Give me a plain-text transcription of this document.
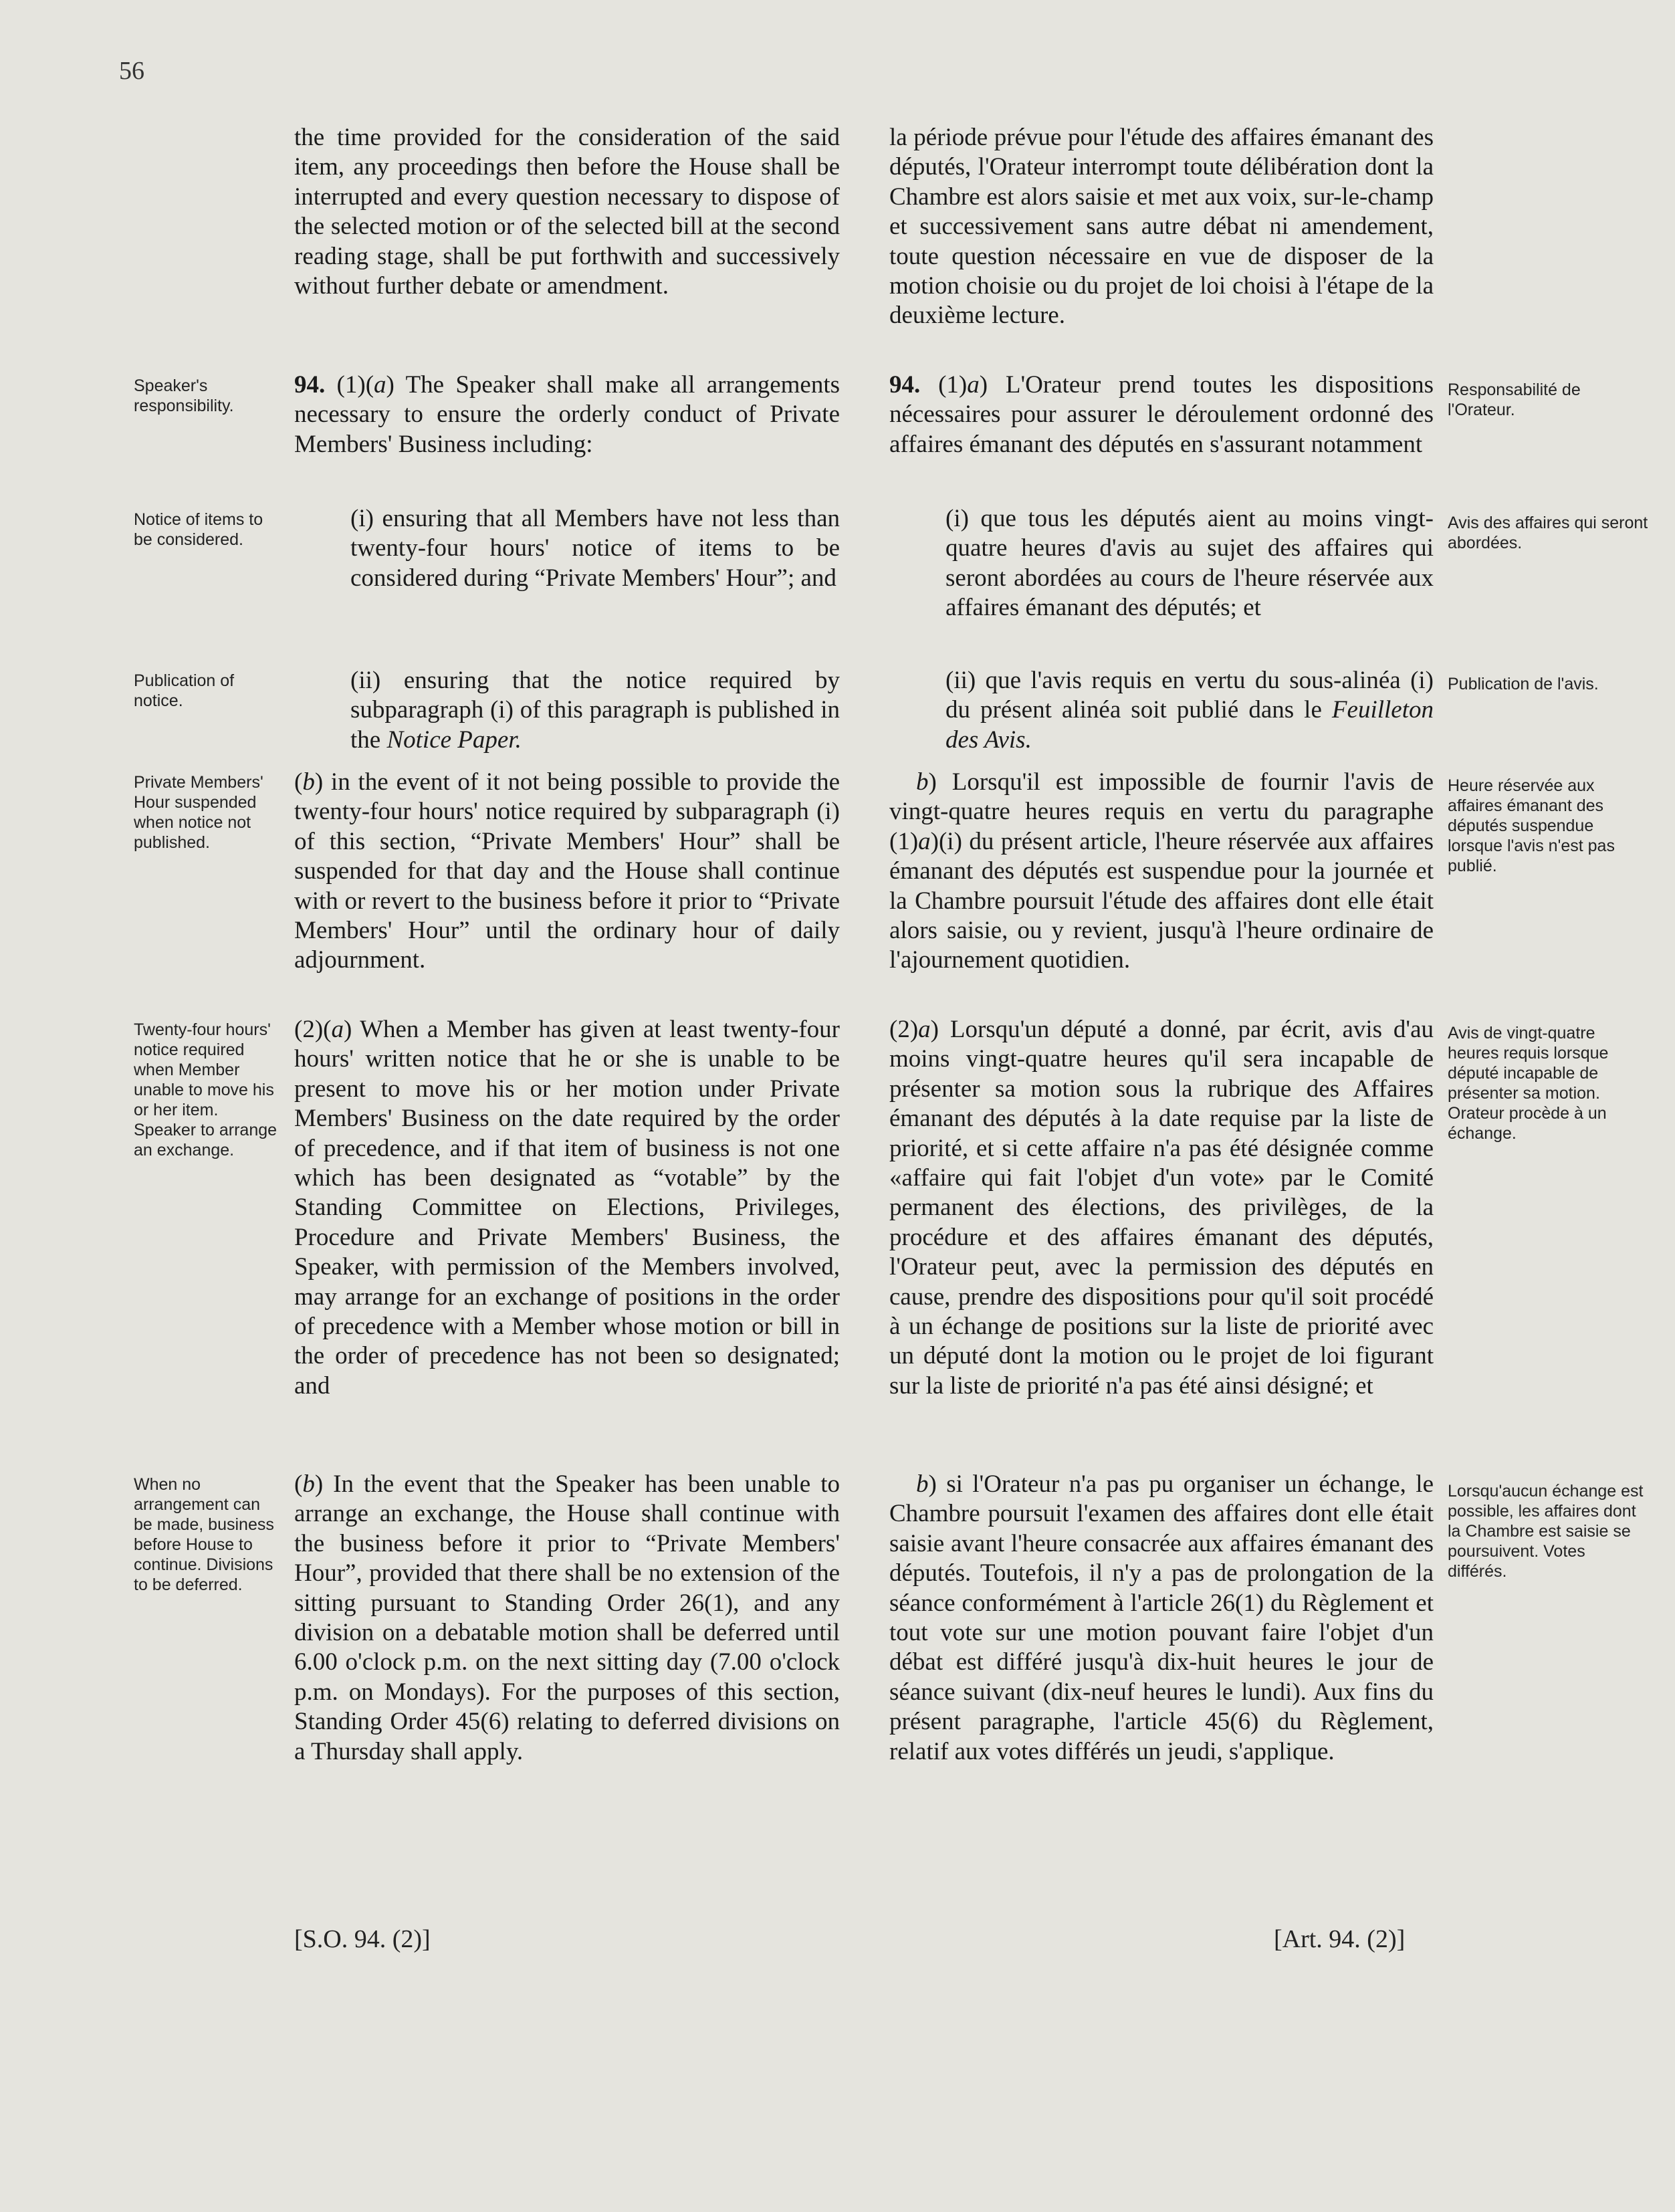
56

Speaker's responsibility.

Notice of items to be considered.

Publication of notice.

Private Members' Hour suspended when notice not published.

Twenty-four hours' notice required when Member unable to move his or her item. Speaker to arrange an exchange.

When no arrangement can be made, business before House to continue. Divisions to be deferred.

the time provided for the consideration of the said item, any proceedings then before the House shall be interrupted and every question necessary to dispose of the selected motion or of the selected bill at the second reading stage, shall be put forthwith and successively without further debate or amendment.

94. (1)(a) The Speaker shall make all arrangements necessary to ensure the orderly conduct of Private Members' Business including:

(i) ensuring that all Members have not less than twenty-four hours' notice of items to be considered during “Private Members' Hour”; and

(ii) ensuring that the notice required by subparagraph (i) of this paragraph is published in the Notice Paper.

(b) in the event of it not being possible to provide the twenty-four hours' notice required by subparagraph (i) of this section, “Private Members' Hour” shall be suspended for that day and the House shall continue with or revert to the business before it prior to “Private Members' Hour” until the ordinary hour of daily adjournment.

(2)(a) When a Member has given at least twenty-four hours' written notice that he or she is unable to be present to move his or her motion under Private Members' Business on the date required by the order of precedence, and if that item of business is not one which has been designated as “votable” by the Standing Committee on Elections, Privileges, Procedure and Private Members' Business, the Speaker, with permission of the Members involved, may arrange for an exchange of positions in the order of precedence with a Member whose motion or bill in the order of precedence has not been so designated; and

(b) In the event that the Speaker has been unable to arrange an exchange, the House shall continue with the business before it prior to “Private Members' Hour”, provided that there shall be no extension of the sitting pursuant to Standing Order 26(1), and any division on a debatable motion shall be deferred until 6.00 o'clock p.m. on the next sitting day (7.00 o'clock p.m. on Mondays). For the purposes of this section, Standing Order 45(6) relating to deferred divisions on a Thursday shall apply.

la période prévue pour l'étude des affaires émanant des députés, l'Orateur interrompt toute délibération dont la Chambre est alors saisie et met aux voix, sur-le-champ et successivement sans autre débat ni amendement, toute question nécessaire en vue de disposer de la motion choisie ou du projet de loi choisi à l'étape de la deuxième lecture.

94. (1)a) L'Orateur prend toutes les dispositions nécessaires pour assurer le déroulement ordonné des affaires émanant des députés en s'assurant notamment

(i) que tous les députés aient au moins vingt-quatre heures d'avis au sujet des affaires qui seront abordées au cours de l'heure réservée aux affaires émanant des députés; et

(ii) que l'avis requis en vertu du sous-alinéa (i) du présent alinéa soit publié dans le Feuilleton des Avis.

b) Lorsqu'il est impossible de fournir l'avis de vingt-quatre heures requis en vertu du paragraphe (1)a)(i) du présent article, l'heure réservée aux affaires émanant des députés est suspendue pour la journée et la Chambre poursuit l'étude des affaires dont elle était alors saisie, ou y revient, jusqu'à l'heure ordinaire de l'ajournement quotidien.

(2)a) Lorsqu'un député a donné, par écrit, avis d'au moins vingt-quatre heures qu'il sera incapable de présenter sa motion sous la rubrique des Affaires émanant des députés à la date requise par la liste de priorité, et si cette affaire n'a pas été désignée comme «affaire qui fait l'objet d'un vote» par le Comité permanent des élections, des privilèges, de la procédure et des affaires émanant des députés, l'Orateur peut, avec la permission des députés en cause, prendre des dispositions pour qu'il soit procédé à un échange de positions sur la liste de priorité avec un député dont la motion ou le projet de loi figurant sur la liste de priorité n'a pas été ainsi désigné; et

b) si l'Orateur n'a pas pu organiser un échange, le Chambre poursuit l'examen des affaires dont elle était saisie avant l'heure consacrée aux affaires émanant des députés. Toutefois, il n'y a pas de prolongation de la séance conformément à l'article 26(1) du Règlement et tout vote sur une motion pouvant faire l'objet d'un débat est différé jusqu'à dix-huit heures le jour de séance suivant (dix-neuf heures le lundi). Aux fins du présent paragraphe, l'article 45(6) du Règlement, relatif aux votes différés un jeudi, s'applique.

Responsabilité de l'Orateur.

Avis des affaires qui seront abordées.

Publication de l'avis.

Heure réservée aux affaires émanant des députés suspendue lorsque l'avis n'est pas publié.

Avis de vingt-quatre heures requis lorsque député incapable de présenter sa motion. Orateur procède à un échange.

Lorsqu'aucun échange est possible, les affaires dont la Chambre est saisie se poursuivent. Votes différés.

[S.O. 94. (2)]	[Art. 94. (2)]
